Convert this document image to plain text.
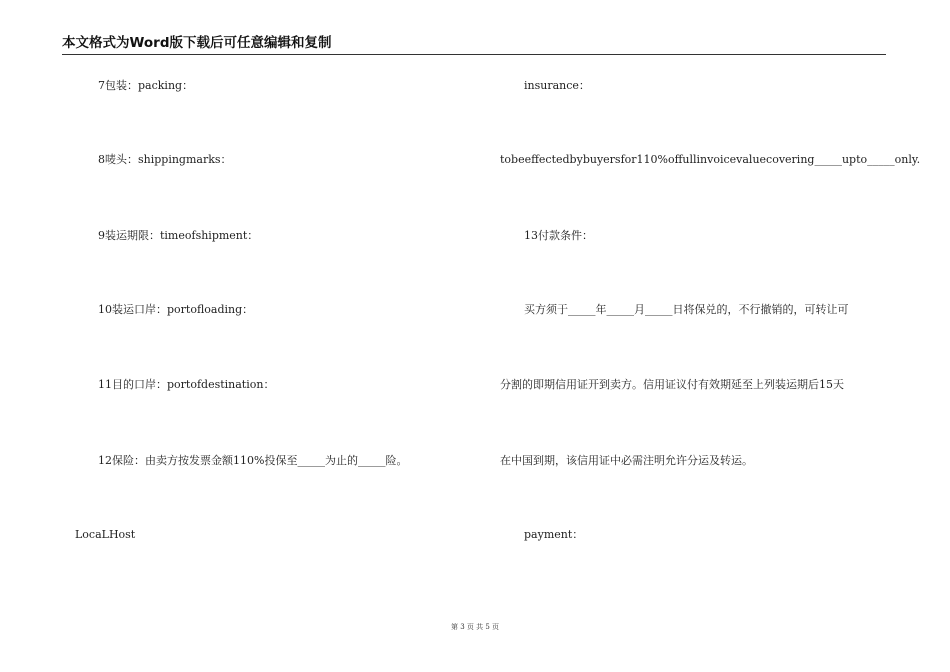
本文格式为Word版下载后可任意编辑和复制
7包装：packing：
8唛头：shippingmarks：
9装运期限：timeofshipment：
10装运口岸：portofloading：
11目的口岸：portofdestination：
12保险：由卖方按发票金额110%投保至_____为止的_____险。
LocaLHost
insurance：
tobeeffectedbybuyersfor110%offullinvoicevaluecovering_____upto_____only.
13付款条件：
买方须于_____年_____月_____日将保兑的，不行撤销的，可转让可
分割的即期信用证开到卖方。信用证议付有效期延至上列装运期后15天
在中国到期，该信用证中必需注明允许分运及转运。
payment：
第 3 页 共 5 页
